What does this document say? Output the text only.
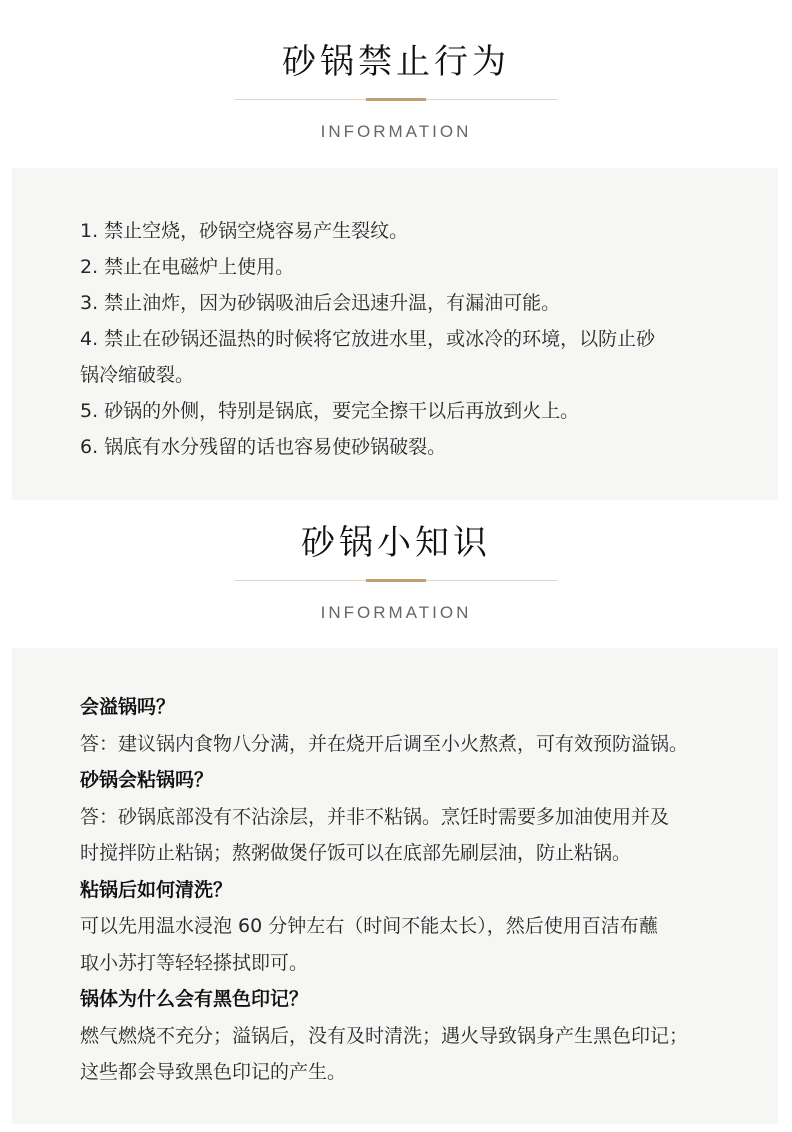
砂锅禁止行为
INFORMATION

1. 禁止空烧，砂锅空烧容易产生裂纹。

2. 禁止在电磁炉上使用。

3. 禁止油炸，因为砂锅吸油后会迅速升温，有漏油可能。

4. 禁止在砂锅还温热的时候将它放进水里，或冰冷的环境，以防止砂

锅冷缩破裂。

5. 砂锅的外侧，特别是锅底，要完全擦干以后再放到火上。

6. 锅底有水分残留的话也容易使砂锅破裂。

砂锅小知识
INFORMATION

会溢锅吗？

答：建议锅内食物八分满，并在烧开后调至小火熬煮，可有效预防溢锅。

砂锅会粘锅吗？

答：砂锅底部没有不沾涂层，并非不粘锅。烹饪时需要多加油使用并及

时搅拌防止粘锅；熬粥做煲仔饭可以在底部先刷层油，防止粘锅。

粘锅后如何清洗？

可以先用温水浸泡 60 分钟左右（时间不能太长），然后使用百洁布蘸

取小苏打等轻轻搽拭即可。

锅体为什么会有黑色印记？

燃气燃烧不充分；溢锅后，没有及时清洗；遇火导致锅身产生黑色印记；

这些都会导致黑色印记的产生。
